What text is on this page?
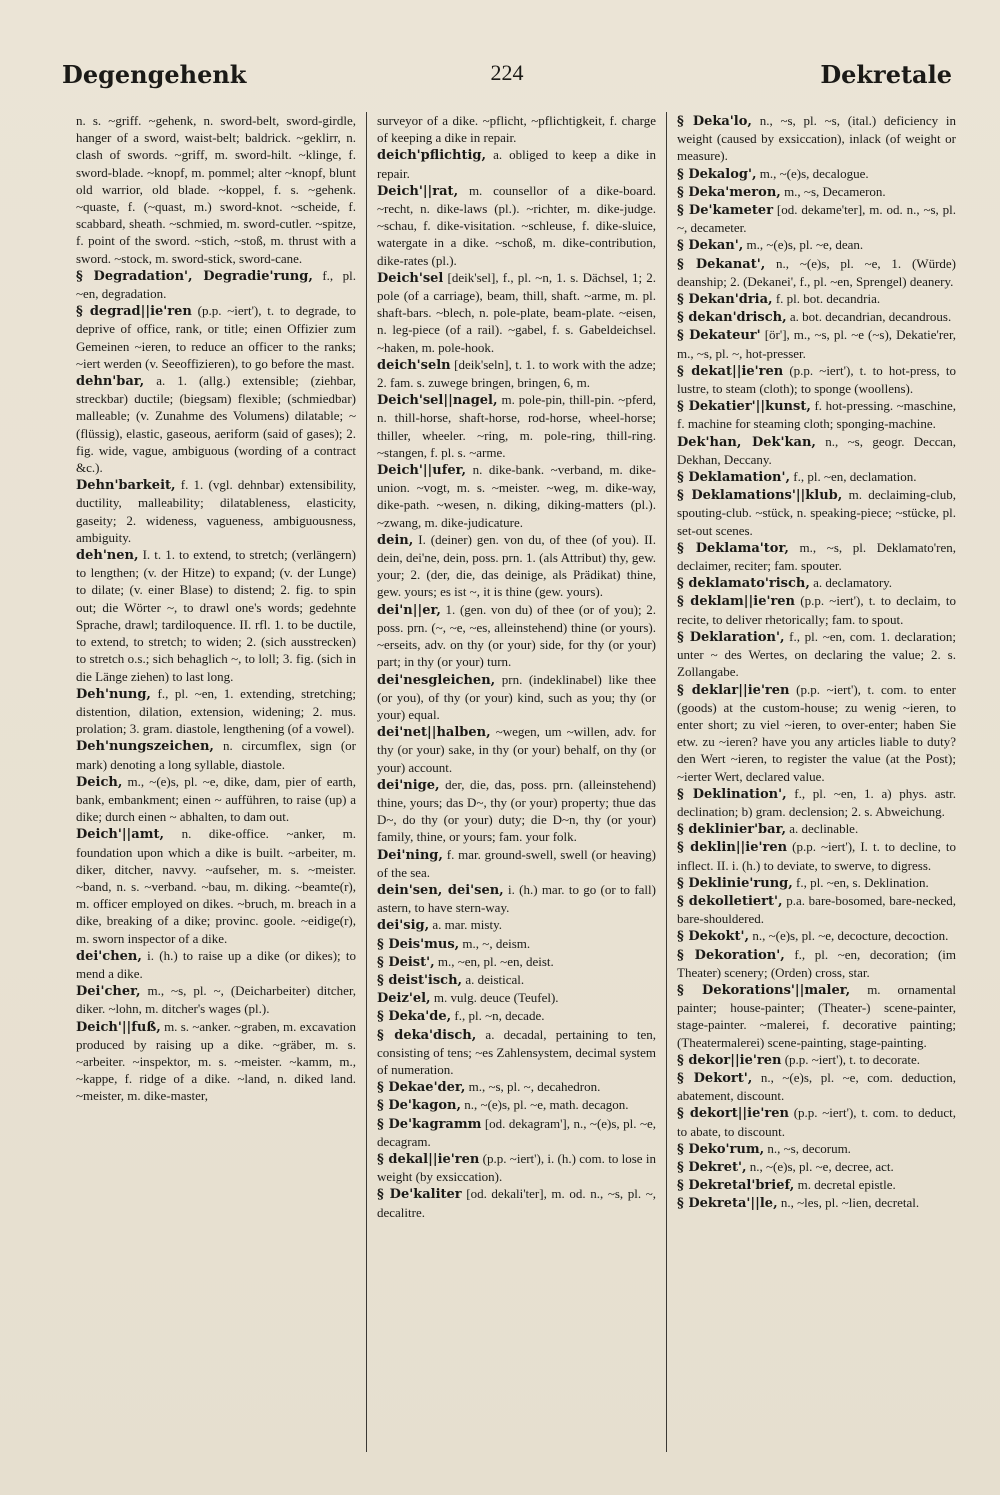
Degengehenk	224	Dekretale

n. s. ~griff. ~gehenk, n. sword-belt, sword-girdle, hanger of a sword, waist-belt; baldrick. ~geklirr, n. clash of swords. ~griff, m. sword-hilt. ~klinge, f. sword-blade. ~knopf, m. pommel; alter ~knopf, blunt old warrior, old blade. ~koppel, f. s. ~gehenk. ~quaste, f. (~quast, m.) sword-knot. ~scheide, f. scabbard, sheath. ~schmied, m. sword-cutler. ~spitze, f. point of the sword. ~stich, ~stoß, m. thrust with a sword. ~stock, m. sword-stick, sword-cane.

§ Degradation', Degradie'rung, f., pl. ~en, degradation.

§ degrad||ie'ren (p.p. ~iert'), t. to degrade, to deprive of office, rank, or title; einen Offizier zum Gemeinen ~ieren, to reduce an officer to the ranks; ~iert werden (v. Seeoffizieren), to go before the mast.

dehn'bar, a. 1. (allg.) extensible; (ziehbar, streckbar) ductile; (biegsam) flexible; (schmiedbar) malleable; (v. Zunahme des Volumens) dilatable; ~ (flüssig), elastic, gaseous, aeriform (said of gases); 2. fig. wide, vague, ambiguous (wording of a contract &c.).

Dehn'barkeit, f. 1. (vgl. dehnbar) extensibility, ductility, malleability; dilatableness, elasticity, gaseity; 2. wideness, vagueness, ambiguousness, ambiguity.

deh'nen, I. t. 1. to extend, to stretch; (verlängern) to lengthen; (v. der Hitze) to expand; (v. der Lunge) to dilate; (v. einer Blase) to distend; 2. fig. to spin out; die Wörter ~, to drawl one's words; gedehnte Sprache, drawl; tardiloquence. II. rfl. 1. to be ductile, to extend, to stretch; to widen; 2. (sich ausstrecken) to stretch o.s.; sich behaglich ~, to loll; 3. fig. (sich in die Länge ziehen) to last long.

Deh'nung, f., pl. ~en, 1. extending, stretching; distention, dilation, extension, widening; 2. mus. prolation; 3. gram. diastole, lengthening (of a vowel).

Deh'nungszeichen, n. circumflex, sign (or mark) denoting a long syllable, diastole.

Deich, m., ~(e)s, pl. ~e, dike, dam, pier of earth, bank, embankment; einen ~ aufführen, to raise (up) a dike; durch einen ~ abhalten, to dam out.

Deich'||amt, n. dike-office. ~anker, m. foundation upon which a dike is built. ~arbeiter, m. diker, ditcher, navvy. ~aufseher, m. s. ~meister. ~band, n. s. ~verband. ~bau, m. diking. ~beamte(r), m. officer employed on dikes. ~bruch, m. breach in a dike, breaking of a dike; provinc. goole. ~eidige(r), m. sworn inspector of a dike.

dei'chen, i. (h.) to raise up a dike (or dikes); to mend a dike.

Dei'cher, m., ~s, pl. ~, (Deicharbeiter) ditcher, diker. ~lohn, m. ditcher's wages (pl.).

Deich'||fuß, m. s. ~anker. ~graben, m. excavation produced by raising up a dike. ~gräber, m. s. ~arbeiter. ~inspektor, m. s. ~meister. ~kamm, m., ~kappe, f. ridge of a dike. ~land, n. diked land. ~meister, m. dike-master,

surveyor of a dike. ~pflicht, ~pflichtigkeit, f. charge of keeping a dike in repair.

deich'pflichtig, a. obliged to keep a dike in repair.

Deich'||rat, m. counsellor of a dike-board. ~recht, n. dike-laws (pl.). ~richter, m. dike-judge. ~schau, f. dike-visitation. ~schleuse, f. dike-sluice, watergate in a dike. ~schoß, m. dike-contribution, dike-rates (pl.).

Deich'sel [deik'sel], f., pl. ~n, 1. s. Dächsel, 1; 2. pole (of a carriage), beam, thill, shaft. ~arme, m. pl. shaft-bars. ~blech, n. pole-plate, beam-plate. ~eisen, n. leg-piece (of a rail). ~gabel, f. s. Gabeldeichsel. ~haken, m. pole-hook.

deich'seln [deik'seln], t. 1. to work with the adze; 2. fam. s. zuwege bringen, bringen, 6, m.

Deich'sel||nagel, m. pole-pin, thill-pin. ~pferd, n. thill-horse, shaft-horse, rod-horse, wheel-horse; thiller, wheeler. ~ring, m. pole-ring, thill-ring. ~stangen, f. pl. s. ~arme.

Deich'||ufer, n. dike-bank. ~verband, m. dike-union. ~vogt, m. s. ~meister. ~weg, m. dike-way, dike-path. ~wesen, n. diking, diking-matters (pl.). ~zwang, m. dike-judicature.

dein, I. (deiner) gen. von du, of thee (of you). II. dein, dei'ne, dein, poss. prn. 1. (als Attribut) thy, gew. your; 2. (der, die, das deinige, als Prädikat) thine, gew. yours; es ist ~, it is thine (gew. yours).

dei'n||er, 1. (gen. von du) of thee (or of you); 2. poss. prn. (~, ~e, ~es, alleinstehend) thine (or yours). ~erseits, adv. on thy (or your) side, for thy (or your) part; in thy (or your) turn.

dei'nesgleichen, prn. (indeklinabel) like thee (or you), of thy (or your) kind, such as you; thy (or your) equal.

dei'net||halben, ~wegen, um ~willen, adv. for thy (or your) sake, in thy (or your) behalf, on thy (or your) account.

dei'nige, der, die, das, poss. prn. (alleinstehend) thine, yours; das D~, thy (or your) property; thue das D~, do thy (or your) duty; die D~n, thy (or your) family, thine, or yours; fam. your folk.

Dei'ning, f. mar. ground-swell, swell (or heaving) of the sea.

dein'sen, dei'sen, i. (h.) mar. to go (or to fall) astern, to have stern-way.

dei'sig, a. mar. misty.

§ Deis'mus, m., ~, deism.

§ Deist', m., ~en, pl. ~en, deist.

§ deist'isch, a. deistical.

Deiz'el, m. vulg. deuce (Teufel).

§ Deka'de, f., pl. ~n, decade.

§ deka'disch, a. decadal, pertaining to ten, consisting of tens; ~es Zahlensystem, decimal system of numeration.

§ Dekae'der, m., ~s, pl. ~, decahedron.

§ De'kagon, n., ~(e)s, pl. ~e, math. decagon.

§ De'kagramm [od. dekagram'], n., ~(e)s, pl. ~e, decagram.

§ dekal||ie'ren (p.p. ~iert'), i. (h.) com. to lose in weight (by exsiccation).

§ De'kaliter [od. dekali'ter], m. od. n., ~s, pl. ~, decalitre.

§ Deka'lo, n., ~s, pl. ~s, (ital.) deficiency in weight (caused by exsiccation), inlack (of weight or measure).

§ Dekalog', m., ~(e)s, decalogue.

§ Deka'meron, m., ~s, Decameron.

§ De'kameter [od. dekame'ter], m. od. n., ~s, pl. ~, decameter.

§ Dekan', m., ~(e)s, pl. ~e, dean.

§ Dekanat', n., ~(e)s, pl. ~e, 1. (Würde) deanship; 2. (Dekanei', f., pl. ~en, Sprengel) deanery.

§ Dekan'dria, f. pl. bot. decandria.

§ dekan'drisch, a. bot. decandrian, decandrous.

§ Dekateur' [ör'], m., ~s, pl. ~e (~s), Dekatie'rer, m., ~s, pl. ~, hot-presser.

§ dekat||ie'ren (p.p. ~iert'), t. to hot-press, to lustre, to steam (cloth); to sponge (woollens).

§ Dekatier'||kunst, f. hot-pressing. ~maschine, f. machine for steaming cloth; sponging-machine.

Dek'han, Dek'kan, n., ~s, geogr. Deccan, Dekhan, Deccany.

§ Deklamation', f., pl. ~en, declamation.

§ Deklamations'||klub, m. declaiming-club, spouting-club. ~stück, n. speaking-piece; ~stücke, pl. set-out scenes.

§ Deklama'tor, m., ~s, pl. Deklamato'ren, declaimer, reciter; fam. spouter.

§ deklamato'risch, a. declamatory.

§ deklam||ie'ren (p.p. ~iert'), t. to declaim, to recite, to deliver rhetorically; fam. to spout.

§ Deklaration', f., pl. ~en, com. 1. declaration; unter ~ des Wertes, on declaring the value; 2. s. Zollangabe.

§ deklar||ie'ren (p.p. ~iert'), t. com. to enter (goods) at the custom-house; zu wenig ~ieren, to enter short; zu viel ~ieren, to over-enter; haben Sie etw. zu ~ieren? have you any articles liable to duty? den Wert ~ieren, to register the value (at the Post); ~ierter Wert, declared value.

§ Deklination', f., pl. ~en, 1. a) phys. astr. declination; b) gram. declension; 2. s. Abweichung.

§ deklinier'bar, a. declinable.

§ deklin||ie'ren (p.p. ~iert'), I. t. to decline, to inflect. II. i. (h.) to deviate, to swerve, to digress.

§ Deklinie'rung, f., pl. ~en, s. Deklination.

§ dekolletiert', p.a. bare-bosomed, bare-necked, bare-shouldered.

§ Dekokt', n., ~(e)s, pl. ~e, decocture, decoction.

§ Dekoration', f., pl. ~en, decoration; (im Theater) scenery; (Orden) cross, star.

§ Dekorations'||maler, m. ornamental painter; house-painter; (Theater-) scene-painter, stage-painter. ~malerei, f. decorative painting; (Theatermalerei) scene-painting, stage-painting.

§ dekor||ie'ren (p.p. ~iert'), t. to decorate.

§ Dekort', n., ~(e)s, pl. ~e, com. deduction, abatement, discount.

§ dekort||ie'ren (p.p. ~iert'), t. com. to deduct, to abate, to discount.

§ Deko'rum, n., ~s, decorum.

§ Dekret', n., ~(e)s, pl. ~e, decree, act.

§ Dekretal'brief, m. decretal epistle.

§ Dekreta'||le, n., ~les, pl. ~lien, decretal.
